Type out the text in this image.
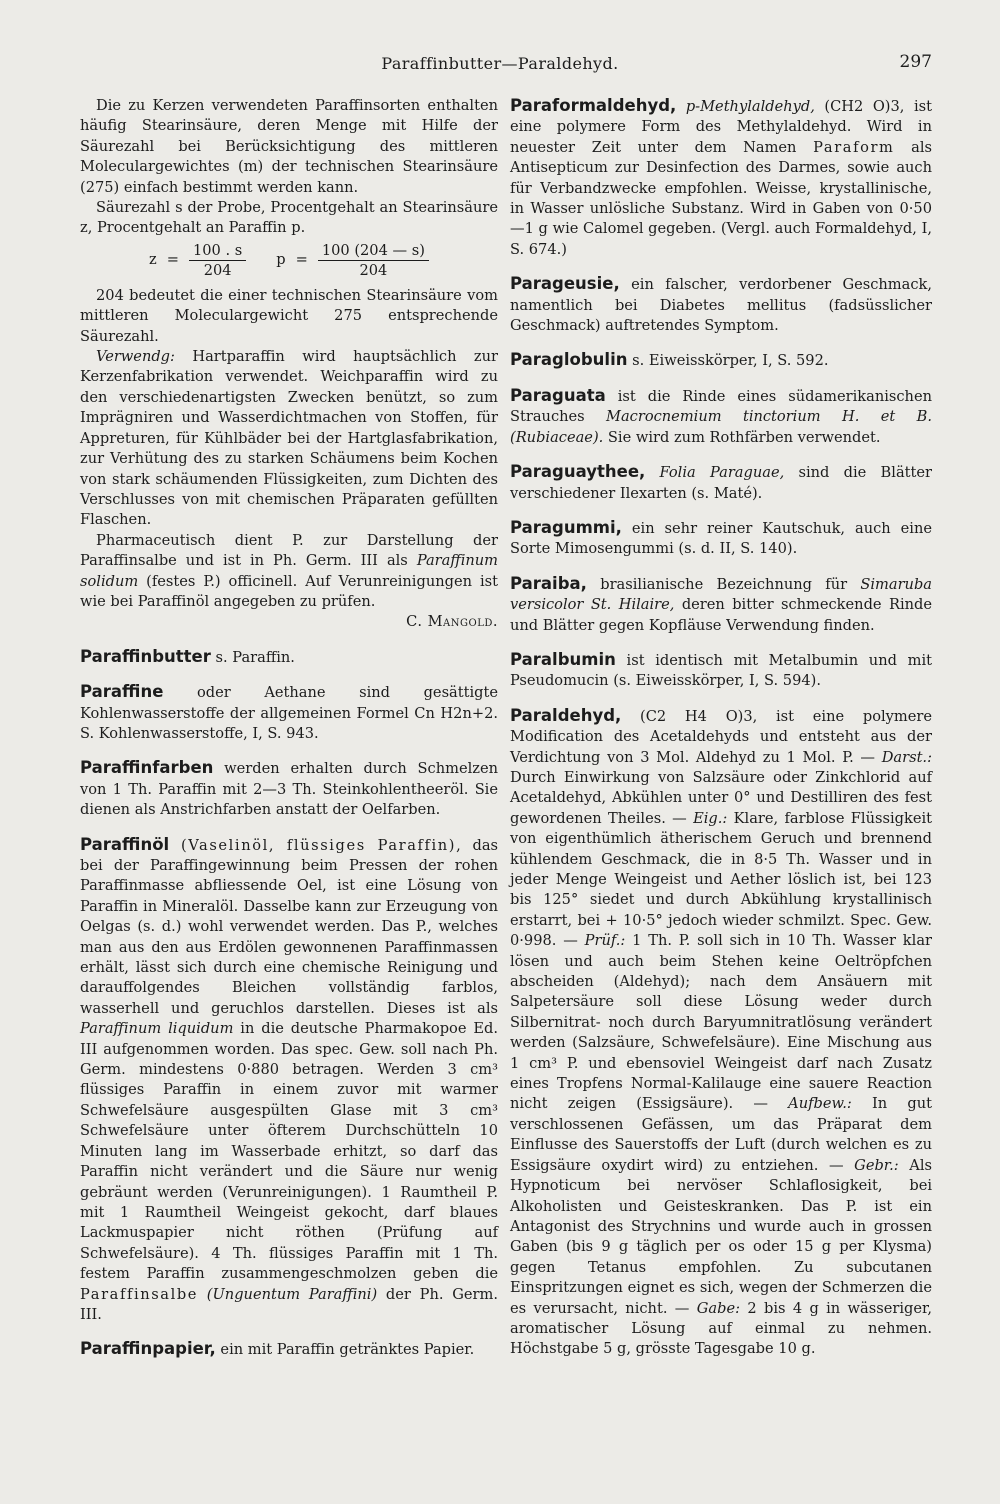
Paraffinbutter—Paraldehyd.	297

Die zu Kerzen verwendeten Paraffinsorten enthalten häufig Stearinsäure, deren Menge mit Hilfe der Säurezahl bei Berücksichtigung des mittleren Moleculargewichtes (m) der technischen Stearinsäure (275) einfach bestimmt werden kann.

Säurezahl s der Probe, Procentgehalt an Stearinsäure z, Procentgehalt an Paraffin p.

$z = \frac{100 . s}{204}$ $p = \frac{100 (204 — s)}{204}$

204 bedeutet die einer technischen Stearinsäure vom mittleren Moleculargewicht 275 entsprechende Säurezahl.

Verwendg: Hartparaffin wird hauptsächlich zur Kerzenfabrikation verwendet. Weichparaffin wird zu den verschiedenartigsten Zwecken benützt, so zum Imprägniren und Wasserdichtmachen von Stoffen, für Appreturen, für Kühlbäder bei der Hartglasfabrikation, zur Verhütung des zu starken Schäumens beim Kochen von stark schäumenden Flüssigkeiten, zum Dichten des Verschlusses von mit chemischen Präparaten gefüllten Flaschen.

Pharmaceutisch dient P. zur Darstellung der Paraffinsalbe und ist in Ph. Germ. III als Paraffinum solidum (festes P.) officinell. Auf Verunreinigungen ist wie bei Paraffinöl angegeben zu prüfen.

C. Mangold.

Paraffinbutter s. Paraffin.

Paraffine oder Aethane sind gesättigte Kohlenwasserstoffe der allgemeinen Formel Cn H2n+2. S. Kohlenwasserstoffe, I, S. 943.

Paraffinfarben werden erhalten durch Schmelzen von 1 Th. Paraffin mit 2—3 Th. Steinkohlentheeröl. Sie dienen als Anstrichfarben anstatt der Oelfarben.

Paraffinöl (Vaselinöl, flüssiges Paraffin), das bei der Paraffingewinnung beim Pressen der rohen Paraffinmasse abfliessende Oel, ist eine Lösung von Paraffin in Mineralöl. Dasselbe kann zur Erzeugung von Oelgas (s. d.) wohl verwendet werden. Das P., welches man aus den aus Erdölen gewonnenen Paraffinmassen erhält, lässt sich durch eine chemische Reinigung und darauffolgendes Bleichen vollständig farblos, wasserhell und geruchlos darstellen. Dieses ist als Paraffinum liquidum in die deutsche Pharmakopoe Ed. III aufgenommen worden. Das spec. Gew. soll nach Ph. Germ. mindestens 0·880 betragen. Werden 3 cm³ flüssiges Paraffin in einem zuvor mit warmer Schwefelsäure ausgespülten Glase mit 3 cm³ Schwefelsäure unter öfterem Durchschütteln 10 Minuten lang im Wasserbade erhitzt, so darf das Paraffin nicht verändert und die Säure nur wenig gebräunt werden (Verunreinigungen). 1 Raumtheil P. mit 1 Raumtheil Weingeist gekocht, darf blaues Lackmuspapier nicht röthen (Prüfung auf Schwefelsäure). 4 Th. flüssiges Paraffin mit 1 Th. festem Paraffin zusammengeschmolzen geben die Paraffinsalbe (Unguentum Paraffini) der Ph. Germ. III.

Paraffinpapier, ein mit Paraffin getränktes Papier.

Paraformaldehyd, p-Methylaldehyd, (CH2 O)3, ist eine polymere Form des Methylaldehyd. Wird in neuester Zeit unter dem Namen Paraform als Antisepticum zur Desinfection des Darmes, sowie auch für Verbandzwecke empfohlen. Weisse, krystallinische, in Wasser unlösliche Substanz. Wird in Gaben von 0·50—1 g wie Calomel gegeben. (Vergl. auch Formaldehyd, I, S. 674.)

Parageusie, ein falscher, verdorbener Geschmack, namentlich bei Diabetes mellitus (fadsüsslicher Geschmack) auftretendes Symptom.

Paraglobulin s. Eiweisskörper, I, S. 592.

Paraguata ist die Rinde eines südamerikanischen Strauches Macrocnemium tinctorium H. et B. (Rubiaceae). Sie wird zum Rothfärben verwendet.

Paraguaythee, Folia Paraguae, sind die Blätter verschiedener Ilexarten (s. Maté).

Paragummi, ein sehr reiner Kautschuk, auch eine Sorte Mimosengummi (s. d. II, S. 140).

Paraiba, brasilianische Bezeichnung für Simaruba versicolor St. Hilaire, deren bitter schmeckende Rinde und Blätter gegen Kopfläuse Verwendung finden.

Paralbumin ist identisch mit Metalbumin und mit Pseudomucin (s. Eiweisskörper, I, S. 594).

Paraldehyd, (C2 H4 O)3, ist eine polymere Modification des Acetaldehyds und entsteht aus der Verdichtung von 3 Mol. Aldehyd zu 1 Mol. P. — Darst.: Durch Einwirkung von Salzsäure oder Zinkchlorid auf Acetaldehyd, Abkühlen unter 0° und Destilliren des fest gewordenen Theiles. — Eig.: Klare, farblose Flüssigkeit von eigenthümlich ätherischem Geruch und brennend kühlendem Geschmack, die in 8·5 Th. Wasser und in jeder Menge Weingeist und Aether löslich ist, bei 123 bis 125° siedet und durch Abkühlung krystallinisch erstarrt, bei + 10·5° jedoch wieder schmilzt. Spec. Gew. 0·998. — Prüf.: 1 Th. P. soll sich in 10 Th. Wasser klar lösen und auch beim Stehen keine Oeltröpfchen abscheiden (Aldehyd); nach dem Ansäuern mit Salpetersäure soll diese Lösung weder durch Silbernitrat- noch durch Baryumnitratlösung verändert werden (Salzsäure, Schwefelsäure). Eine Mischung aus 1 cm³ P. und ebensoviel Weingeist darf nach Zusatz eines Tropfens Normal-Kalilauge eine sauere Reaction nicht zeigen (Essigsäure). — Aufbew.: In gut verschlossenen Gefässen, um das Präparat dem Einflusse des Sauerstoffs der Luft (durch welchen es zu Essigsäure oxydirt wird) zu entziehen. — Gebr.: Als Hypnoticum bei nervöser Schlaflosigkeit, bei Alkoholisten und Geisteskranken. Das P. ist ein Antagonist des Strychnins und wurde auch in grossen Gaben (bis 9 g täglich per os oder 15 g per Klysma) gegen Tetanus empfohlen. Zu subcutanen Einspritzungen eignet es sich, wegen der Schmerzen die es verursacht, nicht. — Gabe: 2 bis 4 g in wässeriger, aromatischer Lösung auf einmal zu nehmen. Höchstgabe 5 g, grösste Tagesgabe 10 g.
